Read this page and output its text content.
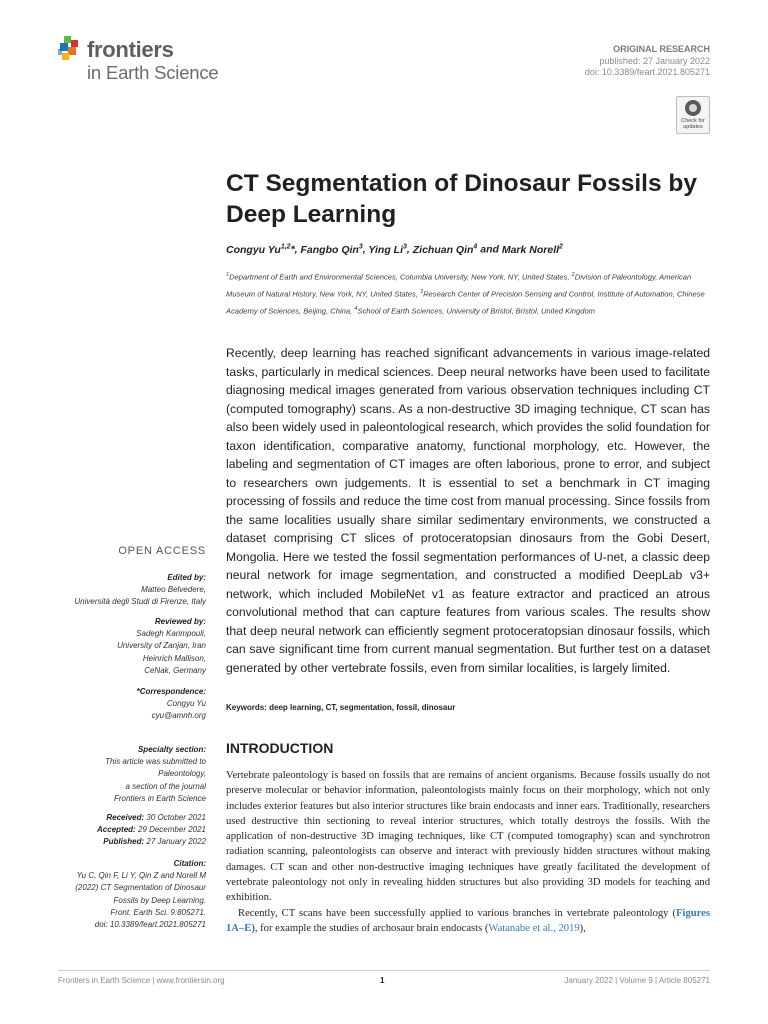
frontiers
in Earth Science
ORIGINAL RESEARCH
published: 27 January 2022
doi: 10.3389/feart.2021.805271
Check for
updates
CT Segmentation of Dinosaur Fossils by Deep Learning
Congyu Yu$^{1,2}$*, Fangbo Qin$^3$, Ying Li$^3$, Zichuan Qin$^4$ and Mark Norell$^2$
$^1$Department of Earth and Environmental Sciences, Columbia University, New York, NY, United States, $^2$Division of Paleontology, American Museum of Natural History, New York, NY, United States, $^3$Research Center of Precision Sensing and Control, Institute of Automation, Chinese Academy of Sciences, Beijing, China, $^4$School of Earth Sciences, University of Bristol, Bristol, United Kingdom
Recently, deep learning has reached significant advancements in various image-related tasks, particularly in medical sciences. Deep neural networks have been used to facilitate diagnosing medical images generated from various observation techniques including CT (computed tomography) scans. As a non-destructive 3D imaging technique, CT scan has also been widely used in paleontological research, which provides the solid foundation for taxon identification, comparative anatomy, functional morphology, etc. However, the labeling and segmentation of CT images are often laborious, prone to error, and subject to researchers own judgements. It is essential to set a benchmark in CT imaging processing of fossils and reduce the time cost from manual processing. Since fossils from the same localities usually share similar sedimentary environments, we constructed a dataset comprising CT slices of protoceratopsian dinosaurs from the Gobi Desert, Mongolia. Here we tested the fossil segmentation performances of U-net, a classic deep neural network for image segmentation, and constructed a modified DeepLab v3+ network, which included MobileNet v1 as feature extractor and practiced an atrous convolutional method that can capture features from various scales. The results show that deep neural network can efficiently segment protoceratopsian dinosaur fossils, which can save significant time from current manual segmentation. But further test on a dataset generated by other vertebrate fossils, even from similar localities, is largely limited.
Keywords: deep learning, CT, segmentation, fossil, dinosaur
OPEN ACCESS
Edited by:
Matteo Belvedere,
Università degli Studi di Firenze, Italy
Reviewed by:
Sadegh Karimpouli,
University of Zanjan, Iran
Heinrich Mallison,
CeNak, Germany
*Correspondence:
Congyu Yu
cyu@amnh.org
Specialty section:
This article was submitted to
Paleontology,
a section of the journal
Frontiers in Earth Science
Received: 30 October 2021
Accepted: 29 December 2021
Published: 27 January 2022
Citation:
Yu C, Qin F, Li Y, Qin Z and Norell M
(2022) CT Segmentation of Dinosaur
Fossils by Deep Learning.
Front. Earth Sci. 9:805271.
doi: 10.3389/feart.2021.805271
INTRODUCTION

Vertebrate paleontology is based on fossils that are remains of ancient organisms. Because fossils usually do not preserve molecular or behavior information, paleontologists mainly focus on their morphology, which not only includes exterior features but also interior structures like brain endocasts and inner ears. Traditionally, researchers used destructive thin sectioning to reveal interior structures, which totally destroys the fossils. With the application of non-destructive 3D imaging techniques, like CT (computed tomography) scan and synchrotron radiation scanning, paleontologists can observe and interact with previously hidden structures without making damages. CT scan and other non-destructive imaging techniques have greatly facilitated the development of vertebrate paleontology not only in revealing hidden structures but also providing 3D models for teaching and exhibition.

Recently, CT scans have been successfully applied to various branches in vertebrate paleontology (Figures 1A–E), for example the studies of archosaur brain endocasts (Watanabe et al., 2019),

Frontiers in Earth Science | www.frontiersin.org	1	January 2022 | Volume 9 | Article 805271
